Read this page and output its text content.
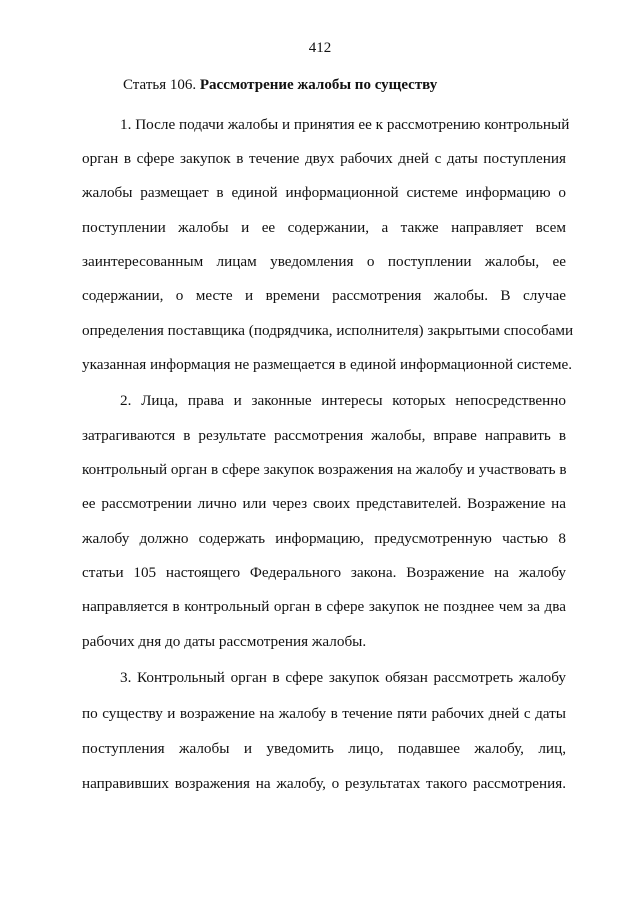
412
Статья 106. Рассмотрение жалобы по существу
1. После подачи жалобы и принятия ее к рассмотрению контрольный
орган в сфере закупок в течение двух рабочих дней с даты поступления
жалобы размещает в единой информационной системе информацию о
поступлении жалобы и ее содержании, а также направляет всем
заинтересованным лицам уведомления о поступлении жалобы, ее
содержании, о месте и времени рассмотрения жалобы. В случае
определения поставщика (подрядчика, исполнителя) закрытыми способами
указанная информация не размещается в единой информационной системе.
2. Лица, права и законные интересы которых непосредственно
затрагиваются в результате рассмотрения жалобы, вправе направить в
контрольный орган в сфере закупок возражения на жалобу и участвовать в
ее рассмотрении лично или через своих представителей. Возражение на
жалобу должно содержать информацию, предусмотренную частью 8
статьи 105 настоящего Федерального закона. Возражение на жалобу
направляется в контрольный орган в сфере закупок не позднее чем за два
рабочих дня до даты рассмотрения жалобы.
3. Контрольный орган в сфере закупок обязан рассмотреть жалобу
по существу и возражение на жалобу в течение пяти рабочих дней с даты
поступления жалобы и уведомить лицо, подавшее жалобу, лиц,
направивших возражения на жалобу, о результатах такого рассмотрения.
